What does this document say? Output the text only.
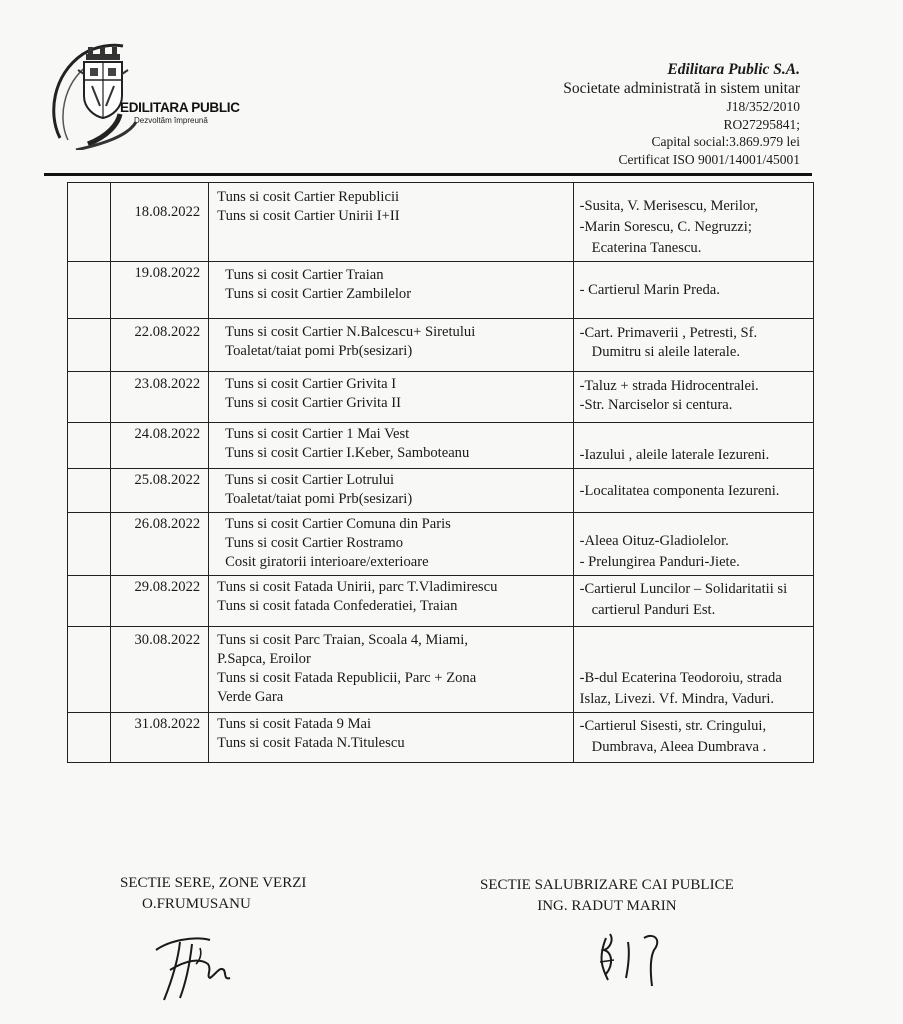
EDILITARA PUBLIC
Dezvoltăm împreună
Edilitara Public S.A.
Societate administrată in sistem unitar
J18/352/2010
RO27295841;
Capital social:3.869.979 lei
Certificat ISO 9001/14001/45001

	18.08.2022	Tuns si cosit Cartier Republicii
Tuns si cosit Cartier Unirii I+II	-Susita, V. Merisescu, Merilor,
-Marin Sorescu, C. Negruzzi;
Ecaterina Tanescu.

	19.08.2022	Tuns si cosit Cartier Traian
Tuns si cosit Cartier Zambilelor	- Cartierul Marin Preda.

	22.08.2022	Tuns si cosit Cartier N.Balcescu+ Siretului
Toaletat/taiat pomi Prb(sesizari)	-Cart. Primaverii , Petresti, Sf.
Dumitru si aleile laterale.

	23.08.2022	Tuns si cosit Cartier Grivita I
Tuns si cosit Cartier Grivita II	-Taluz + strada Hidrocentralei.
-Str. Narciselor si centura.

	24.08.2022	Tuns si cosit Cartier 1 Mai Vest
Tuns si cosit Cartier I.Keber, Samboteanu	-Iazului , aleile laterale Iezureni.

	25.08.2022	Tuns si cosit Cartier Lotrului
Toaletat/taiat pomi Prb(sesizari)	-Localitatea componenta Iezureni.

	26.08.2022	Tuns si cosit Cartier Comuna din Paris
Tuns si cosit Cartier Rostramo
Cosit giratorii interioare/exterioare	-Aleea Oituz-Gladiolelor.
- Prelungirea Panduri-Jiete.

	29.08.2022	Tuns si cosit Fatada Unirii, parc T.Vladimirescu
Tuns si cosit fatada Confederatiei, Traian	-Cartierul Luncilor – Solidaritatii si
cartierul Panduri Est.

	30.08.2022	Tuns si cosit Parc Traian, Scoala 4, Miami,
P.Sapca, Eroilor
Tuns si cosit Fatada Republicii, Parc + Zona
Verde Gara	-B-dul Ecaterina Teodoroiu, strada
Islaz, Livezi. Vf. Mindra, Vaduri.

	31.08.2022	Tuns si cosit Fatada 9 Mai
Tuns si cosit Fatada N.Titulescu	-Cartierul Sisesti, str. Cringului,
Dumbrava, Aleea Dumbrava .
SECTIE SERE, ZONE VERZI
O.FRUMUSANU
SECTIE SALUBRIZARE CAI PUBLICE
ING. RADUT MARIN
